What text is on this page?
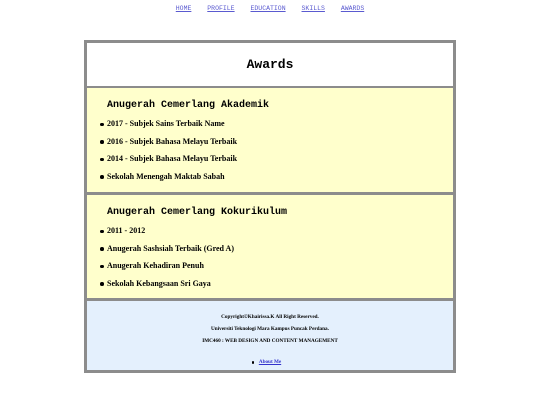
HOME PROFILE EDUCATION SKILLS AWARDS
Awards
Anugerah Cemerlang Akademik
2017 - Subjek Sains Terbaik Name
2016 - Subjek Bahasa Melayu Terbaik
2014 - Subjek Bahasa Melayu Terbaik
Sekolah Menengah Maktab Sabah
Anugerah Cemerlang Kokurikulum
2011 - 2012
Anugerah Sashsiah Terbaik (Gred A)
Anugerah Kehadiran Penuh
Sekolah Kebangsaan Sri Gaya

Copyright©Khairissa.K All Right Reserved.

Universiti Teknologi Mara Kampus Puncak Perdana.

IMC460 : WEB DESIGN AND CONTENT MANAGEMENT

About Me
